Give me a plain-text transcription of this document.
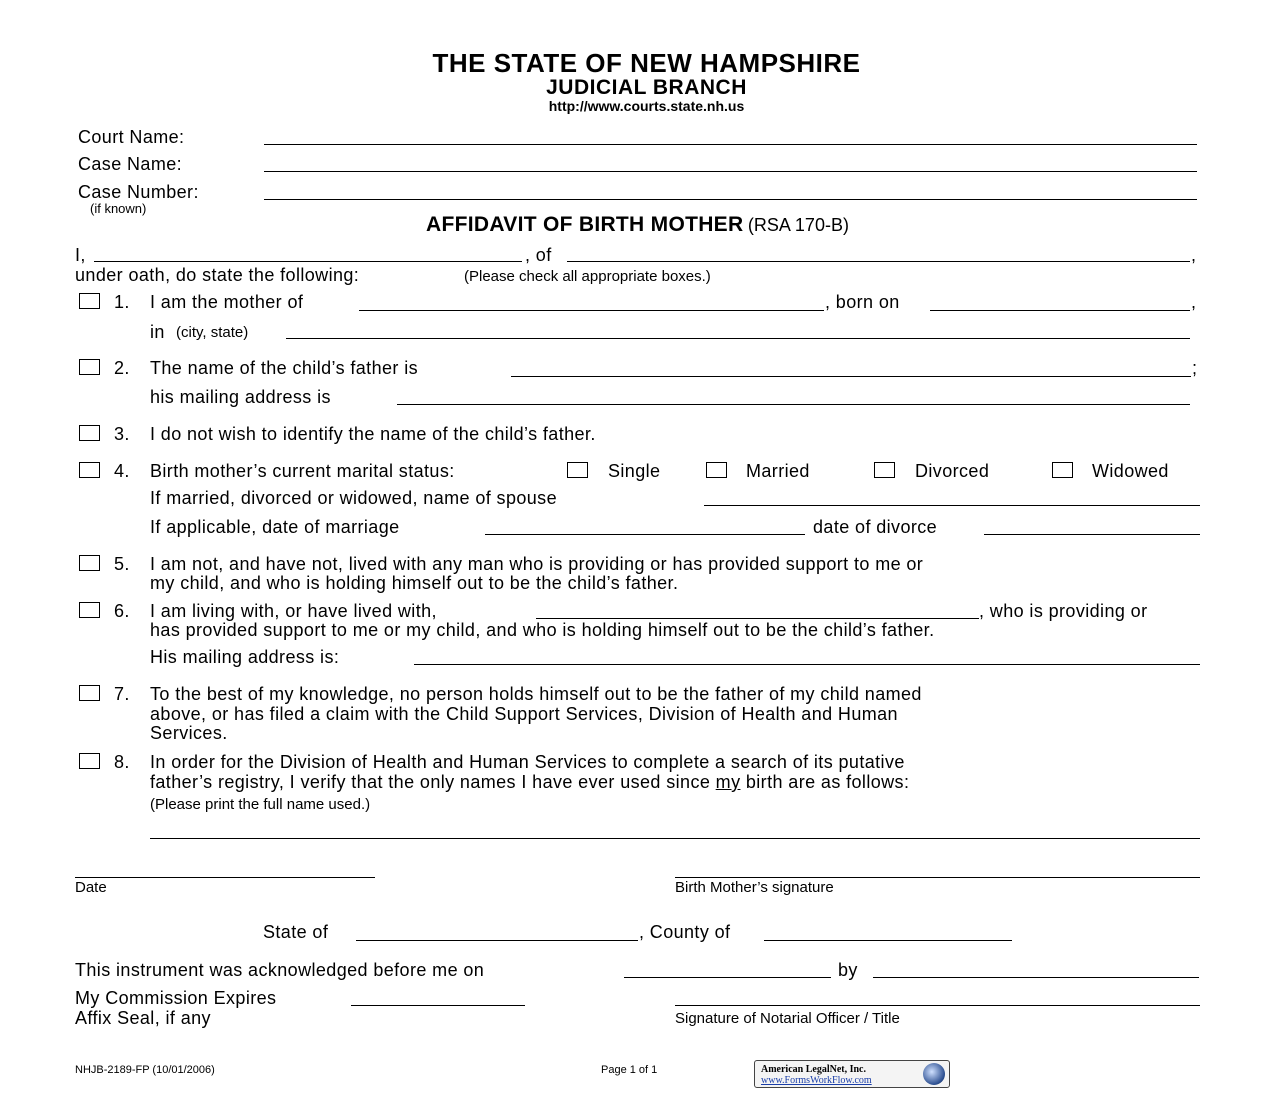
THE STATE OF NEW HAMPSHIRE
JUDICIAL BRANCH
http://www.courts.state.nh.us
Court Name:
Case Name:
Case Number:
(if known)
AFFIDAVIT OF BIRTH MOTHER (RSA 170-B)
I,	, of	,
under oath, do state the following:	(Please check all appropriate boxes.)
1. I am the mother of	, born on	,
in (city, state)
2. The name of the child’s father is	;
his mailing address is
3. I do not wish to identify the name of the child’s father.
4. Birth mother’s current marital status:	Single	Married	Divorced	Widowed
If married, divorced or widowed, name of spouse
If applicable, date of marriage	date of divorce
5. I am not, and have not, lived with any man who is providing or has provided support to me or
my child, and who is holding himself out to be the child’s father.
6. I am living with, or have lived with,	, who is providing or
has provided support to me or my child, and who is holding himself out to be the child’s father.
His mailing address is:
7. To the best of my knowledge, no person holds himself out to be the father of my child named
above, or has filed a claim with the Child Support Services, Division of Health and Human
Services.
8. In order for the Division of Health and Human Services to complete a search of its putative
father’s registry, I verify that the only names I have ever used since my birth are as follows:
(Please print the full name used.)
Date	Birth Mother’s signature
State of	, County of
This instrument was acknowledged before me on	by
My Commission Expires
Affix Seal, if any	Signature of Notarial Officer / Title
NHJB-2189-FP (10/01/2006)	Page 1 of 1	American LegalNet, Inc.
www.FormsWorkFlow.com
